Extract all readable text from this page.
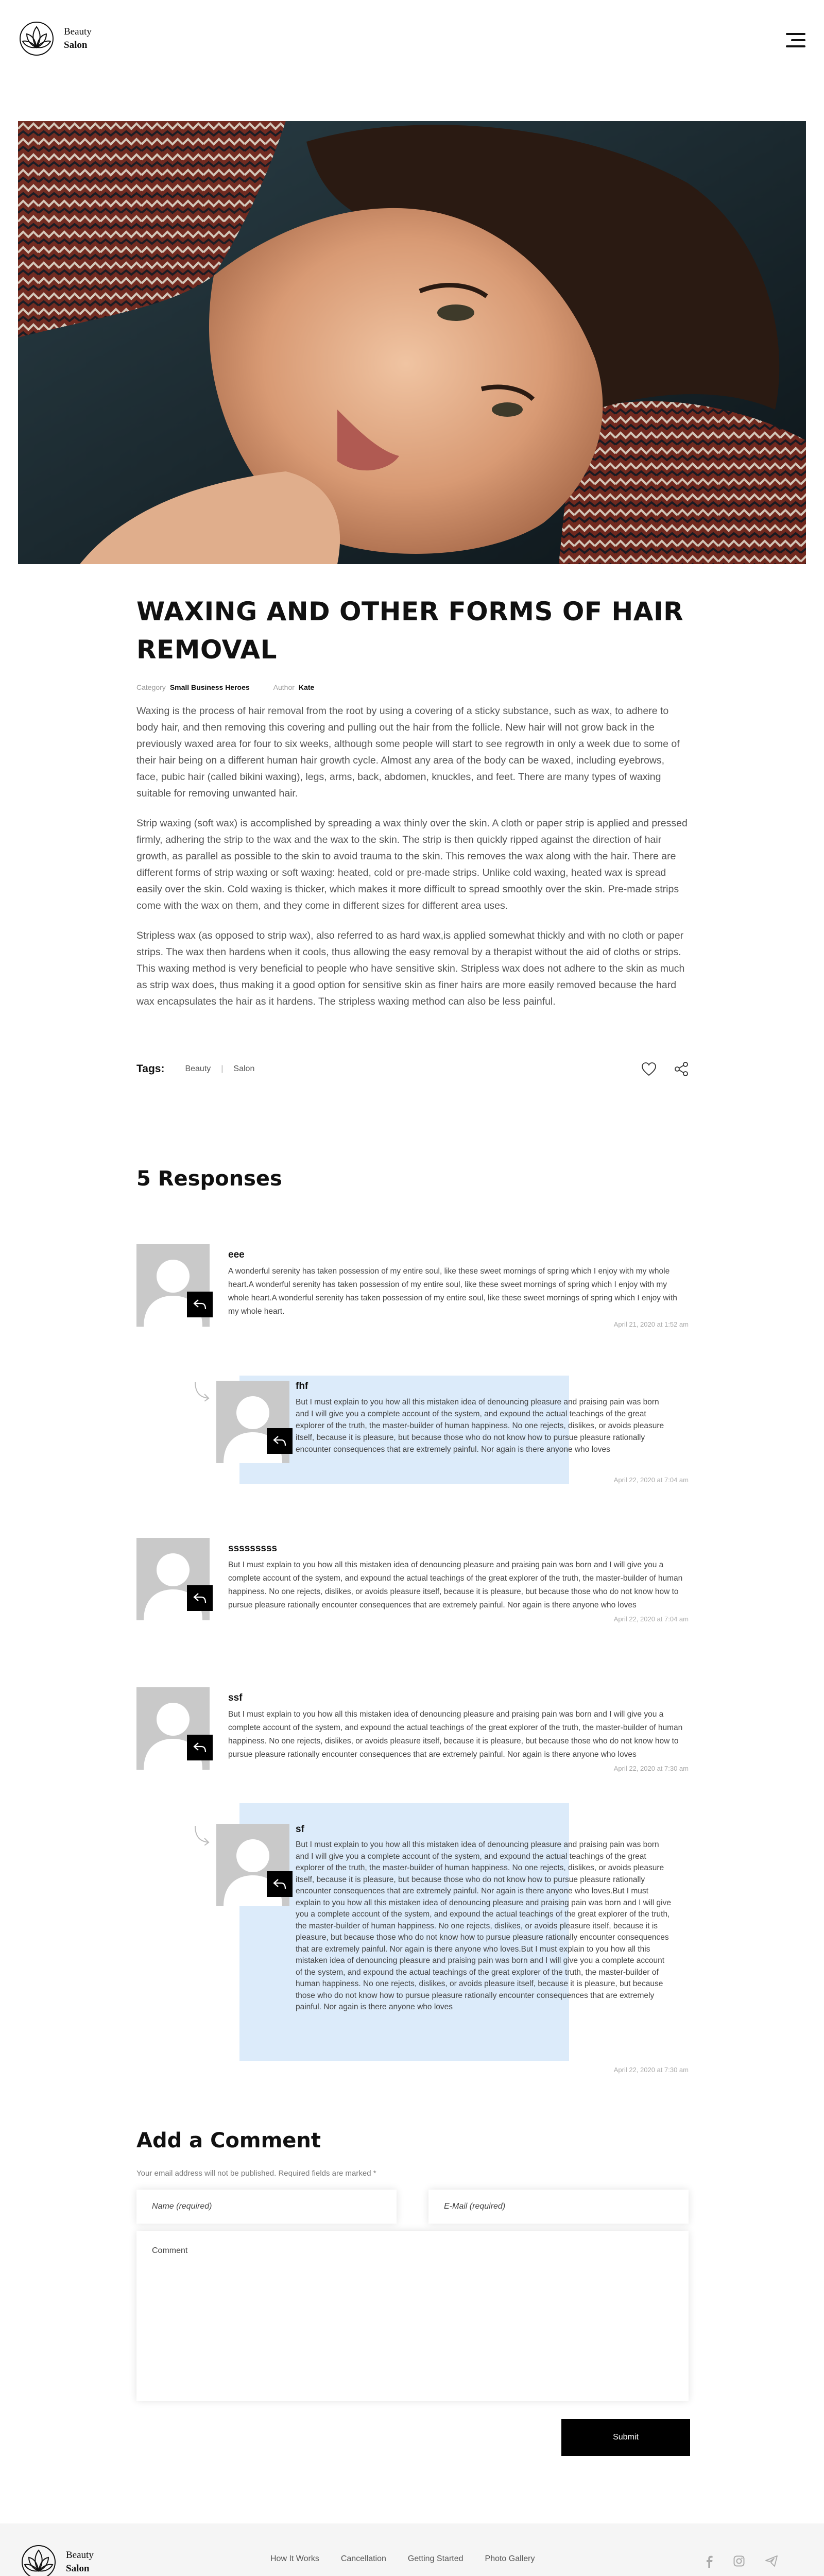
Beauty
Salon
WAXING AND OTHER FORMS OF HAIR REMOVAL
Category Small Business Heroes	Author Kate

Waxing is the process of hair removal from the root by using a covering of a sticky substance, such as wax, to adhere to body hair, and then removing this covering and pulling out the hair from the follicle. New hair will not grow back in the previously waxed area for four to six weeks, although some people will start to see regrowth in only a week due to some of their hair being on a different human hair growth cycle. Almost any area of the body can be waxed, including eyebrows, face, pubic hair (called bikini waxing), legs, arms, back, abdomen, knuckles, and feet. There are many types of waxing suitable for removing unwanted hair.

Strip waxing (soft wax) is accomplished by spreading a wax thinly over the skin. A cloth or paper strip is applied and pressed firmly, adhering the strip to the wax and the wax to the skin. The strip is then quickly ripped against the direction of hair growth, as parallel as possible to the skin to avoid trauma to the skin. This removes the wax along with the hair. There are different forms of strip waxing or soft waxing: heated, cold or pre-made strips. Unlike cold waxing, heated wax is spread easily over the skin. Cold waxing is thicker, which makes it more difficult to spread smoothly over the skin. Pre-made strips come with the wax on them, and they come in different sizes for different area uses.

Stripless wax (as opposed to strip wax), also referred to as hard wax,is applied somewhat thickly and with no cloth or paper strips. The wax then hardens when it cools, thus allowing the easy removal by a therapist without the aid of cloths or strips. This waxing method is very beneficial to people who have sensitive skin. Stripless wax does not adhere to the skin as much as strip wax does, thus making it a good option for sensitive skin as finer hairs are more easily removed because the hard wax encapsulates the hair as it hardens. The stripless waxing method can also be less painful.

Tags:	Beauty | Salon
5 Responses
eee
A wonderful serenity has taken possession of my entire soul, like these sweet mornings of spring which I enjoy with my whole heart.A wonderful serenity has taken possession of my entire soul, like these sweet mornings of spring which I enjoy with my whole heart.A wonderful serenity has taken possession of my entire soul, like these sweet mornings of spring which I enjoy with my whole heart.
April 21, 2020 at 1:52 am
fhf
But I must explain to you how all this mistaken idea of denouncing pleasure and praising pain was born and I will give you a complete account of the system, and expound the actual teachings of the great explorer of the truth, the master-builder of human happiness. No one rejects, dislikes, or avoids pleasure itself, because it is pleasure, but because those who do not know how to pursue pleasure rationally encounter consequences that are extremely painful. Nor again is there anyone who loves
April 22, 2020 at 7:04 am
sssssssss
But I must explain to you how all this mistaken idea of denouncing pleasure and praising pain was born and I will give you a complete account of the system, and expound the actual teachings of the great explorer of the truth, the master-builder of human happiness. No one rejects, dislikes, or avoids pleasure itself, because it is pleasure, but because those who do not know how to pursue pleasure rationally encounter consequences that are extremely painful. Nor again is there anyone who loves
April 22, 2020 at 7:04 am
ssf
But I must explain to you how all this mistaken idea of denouncing pleasure and praising pain was born and I will give you a complete account of the system, and expound the actual teachings of the great explorer of the truth, the master-builder of human happiness. No one rejects, dislikes, or avoids pleasure itself, because it is pleasure, but because those who do not know how to pursue pleasure rationally encounter consequences that are extremely painful. Nor again is there anyone who loves
April 22, 2020 at 7:30 am
sf
But I must explain to you how all this mistaken idea of denouncing pleasure and praising pain was born and I will give you a complete account of the system, and expound the actual teachings of the great explorer of the truth, the master-builder of human happiness. No one rejects, dislikes, or avoids pleasure itself, because it is pleasure, but because those who do not know how to pursue pleasure rationally encounter consequences that are extremely painful. Nor again is there anyone who loves.But I must explain to you how all this mistaken idea of denouncing pleasure and praising pain was born and I will give you a complete account of the system, and expound the actual teachings of the great explorer of the truth, the master-builder of human happiness. No one rejects, dislikes, or avoids pleasure itself, because it is pleasure, but because those who do not know how to pursue pleasure rationally encounter consequences that are extremely painful. Nor again is there anyone who loves.But I must explain to you how all this mistaken idea of denouncing pleasure and praising pain was born and I will give you a complete account of the system, and expound the actual teachings of the great explorer of the truth, the master-builder of human happiness. No one rejects, dislikes, or avoids pleasure itself, because it is pleasure, but because those who do not know how to pursue pleasure rationally encounter consequences that are extremely painful. Nor again is there anyone who loves
April 22, 2020 at 7:30 am
Add a Comment
Your email address will not be published. Required fields are marked *
Name (required)	E-Mail (required)
Comment
Submit
Beauty
Salon
How It Works	Cancellation	Getting Started	Photo Gallery
